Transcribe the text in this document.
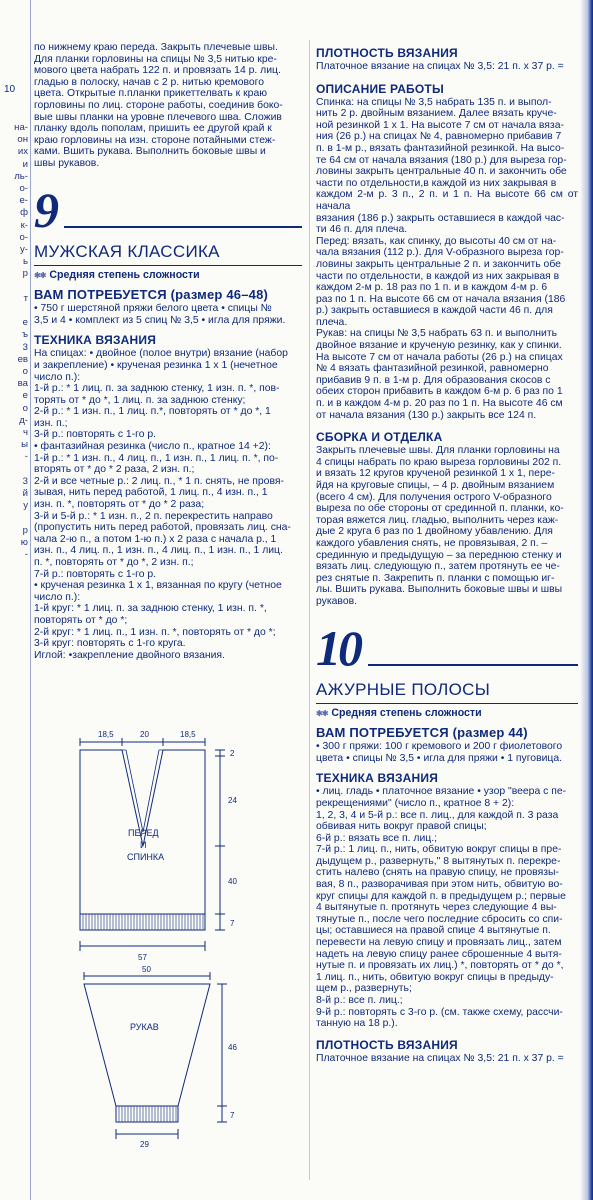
10
на-
он
их
и
ль-
о-
е-
ф
к-
о-
у-
ь
р
т
е
ъ
3
ев
о
ва
е
о
д-
ч
ы
-
3
й
у
р
ю
-

по нижнему краю переда. Закрыть плечевые швы.

Для планки горловины на спицы № 3,5 нитью кре-

мового цвета набрать 122 п. и провязать 14 р. лиц.

гладью в полоску, начав с 2 р. нитью кремового

цвета. Открытые п.планки прикеттелвать к краю

горловины по лиц. стороне работы, соединив боко-

вые швы планки на уровне плечевого шва. Сложив

планку вдоль пополам, пришить ее другой край к

краю горловины на изн. стороне потайными стеж-

ками. Вшить рукава. Выполнить боковые швы и

швы рукавов.

9
МУЖСКАЯ КЛАССИКА
✱✱ Средняя степень сложности
ВАМ ПОТРЕБУЕТСЯ (размер 46–48)

• 750 г шерстяной пряжи белого цвета • спицы №

3,5 и 4 • комплект из 5 спиц № 3,5 • игла для пряжи.

ТЕХНИКА ВЯЗАНИЯ

На спицах: • двойное (полое внутри) вязание (набор

и закрепление) • крученая резинка 1 х 1 (нечетное

число п.):

1-й р.: * 1 лиц. п. за заднюю стенку, 1 изн. п. *, пов-

торять от * до *, 1 лиц. п. за заднюю стенку;

2-й р.: * 1 изн. п., 1 лиц. п.*, повторять от * до *, 1

изн. п.;

3-й р.: повторять с 1-го р.

• фантазийная резинка (число п., кратное 14 +2):

1-й р.: * 1 изн. п., 4 лиц. п., 1 изн. п., 1 лиц. п. *, по-

вторять от * до * 2 раза, 2 изн. п.;

2-й и все четные р.: 2 лиц. п., * 1 п. снять, не провя-

зывая, нить перед работой, 1 лиц. п., 4 изн. п., 1

изн. п. *, повторять от * до * 2 раза;

3-й и 5-й р.: * 1 изн. п., 2 п. перекрестить направо

(пропустить нить перед работой, провязать лиц. сна-

чала 2-ю п., а потом 1-ю п.) х 2 раза с начала р., 1

изн. п., 4 лиц. п., 1 изн. п., 4 лиц. п., 1 изн. п., 1 лиц.

п. *, повторять от * до *, 2 изн. п.;

7-й р.: повторять с 1-го р.

• крученая резинка 1 х 1, вязанная по кругу (четное

число п.):

1-й круг: * 1 лиц. п. за заднюю стенку, 1 изн. п. *,

повторять от * до *;

2-й круг: * 1 лиц. п., 1 изн. п. *, повторять от * до *;

3-й круг: повторять с 1-го круга.

Иглой: •закрепление двойного вязания.

18,5	20	18,5
ПЕРЕД
И
СПИНКА
2
24
40
7
57
50
РУКАВ
46
7
29
ПЛОТНОСТЬ ВЯЗАНИЯ

Платочное вязание на спицах № 3,5: 21 п. х 37 р. =

ОПИСАНИЕ РАБОТЫ

Спинка: на спицы № 3,5 набрать 135 п. и выпол-

нить 2 р. двойным вязанием. Далее вязать круче-

ной резинкой 1 х 1. На высоте 7 см от начала вяза-

ния (26 р.) на спицах № 4, равномерно прибавив 7

п. в 1-м р., вязать фантазийной резинкой. На высо-

те 64 см от начала вязания (180 р.) для выреза гор-

ловины закрыть центральные 40 п. и закончить обе

части по отдельности,в каждой из них закрывая в

каждом 2-м р. 3 п., 2 п. и 1 п. На высоте 66 см от начала

вязания (186 р.) закрыть оставшиеся в каждой час-

ти 46 п. для плеча.

Перед: вязать, как спинку, до высоты 40 см от на-

чала вязания (112 р.). Для V-образного выреза гор-

ловины закрыть центральные 2 п. и закончить обе

части по отдельности, в каждой из них закрывая в

каждом 2-м р. 18 раз по 1 п. и в каждом 4-м р. 6

раз по 1 п. На высоте 66 см от начала вязания (186

р.) закрыть оставшиеся в каждой части 46 п. для

плеча.

Рукав: на спицы № 3,5 набрать 63 п. и выполнить

двойное вязание и крученую резинку, как у спинки.

На высоте 7 см от начала работы (26 р.) на спицах

№ 4 вязать фантазийной резинкой, равномерно

прибавив 9 п. в 1-м р. Для образования скосов с

обеих сторон прибавить в каждом 6-м р. 6 раз по 1

п. и в каждом 4-м р. 20 раз по 1 п. На высоте 46 см

от начала вязания (130 р.) закрыть все 124 п.

СБОРКА И ОТДЕЛКА

Закрыть плечевые швы. Для планки горловины на

4 спицы набрать по краю выреза горловины 202 п.

и вязать 12 кругов крученой резинкой 1 х 1, пере-

йдя на круговые спицы, – 4 р. двойным вязанием

(всего 4 см). Для получения острого V-образного

выреза по обе стороны от срединной п. планки, ко-

торая вяжется лиц. гладью, выполнить через каж-

дые 2 круга 6 раз по 1 двойному убавлению. Для

каждого убавления снять, не провязывая, 2 п. –

срединную и предыдущую – за переднюю стенку и

вязать лиц. следующую п., затем протянуть ее че-

рез снятые п. Закрепить п. планки с помощью иг-

лы. Вшить рукава. Выполнить боковые швы и швы

рукавов.

10
АЖУРНЫЕ ПОЛОСЫ
✱✱ Средняя степень сложности
ВАМ ПОТРЕБУЕТСЯ (размер 44)

• 300 г пряжи: 100 г кремового и 200 г фиолетового

цвета • спицы № 3,5 • игла для пряжи • 1 пуговица.

ТЕХНИКА ВЯЗАНИЯ

• лиц. гладь • платочное вязание • узор "веера с пе-

рекрещениями" (число п., кратное 8 + 2):

1, 2, 3, 4 и 5-й р.: все п. лиц., для каждой п. 3 раза

обвивая нить вокруг правой спицы;

6-й р.: вязать все п. лиц.;

7-й р.: 1 лиц. п., нить, обвитую вокруг спицы в пре-

дыдущем р., развернуть," 8 вытянутых п. перекре-

стить налево (снять на правую спицу, не провязы-

вая, 8 п., разворачивая при этом нить, обвитую во-

круг спицы для каждой п. в предыдущем р.; первые

4 вытянутые п. протянуть через следующие 4 вы-

тянутые п., после чего последние сбросить со спи-

цы; оставшиеся на правой спице 4 вытянутые п.

перевести на левую спицу и провязать лиц., затем

надеть на левую спицу ранее сброшенные 4 вытя-

нутые п. и провязать их лиц.) *, повторять от * до *,

1 лиц. п., нить, обвитую вокруг спицы в предыду-

щем р., развернуть;

8-й р.: все п. лиц.;

9-й р.: повторять с 3-го р. (см. также схему, рассчи-

танную на 18 р.).

ПЛОТНОСТЬ ВЯЗАНИЯ

Платочное вязание на спицах № 3,5: 21 п. х 37 р. =
